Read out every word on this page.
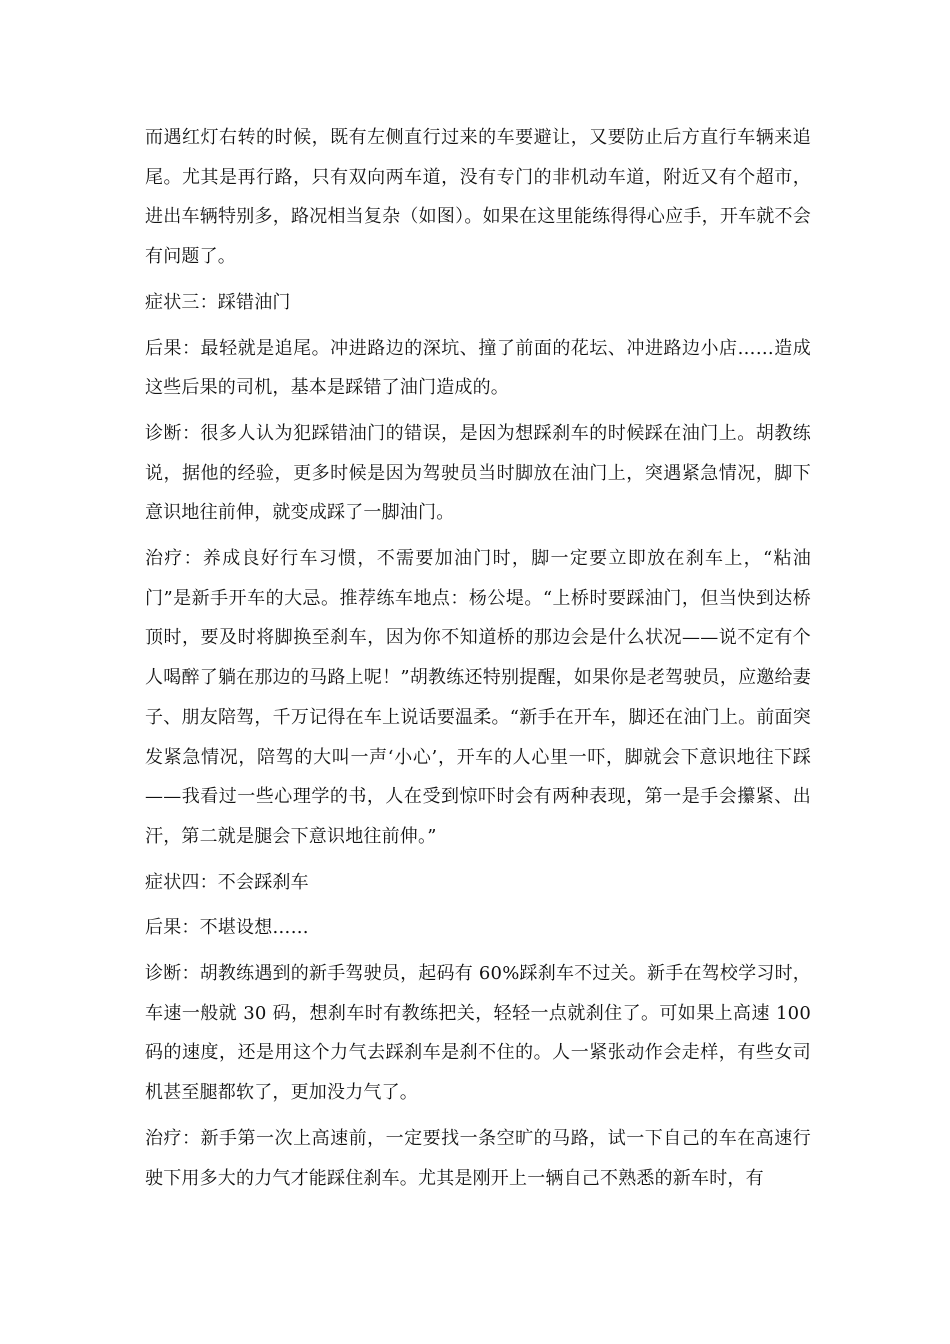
而遇红灯右转的时候，既有左侧直行过来的车要避让，又要防止后方直行车辆来追尾。尤其是再行路，只有双向两车道，没有专门的非机动车道，附近又有个超市，进出车辆特别多，路况相当复杂（如图）。如果在这里能练得得心应手，开车就不会有问题了。

症状三：踩错油门

后果：最轻就是追尾。冲进路边的深坑、撞了前面的花坛、冲进路边小店……造成这些后果的司机，基本是踩错了油门造成的。

诊断：很多人认为犯踩错油门的错误，是因为想踩刹车的时候踩在油门上。胡教练说，据他的经验，更多时候是因为驾驶员当时脚放在油门上，突遇紧急情况，脚下意识地往前伸，就变成踩了一脚油门。

治疗：养成良好行车习惯，不需要加油门时，脚一定要立即放在刹车上，“粘油门”是新手开车的大忌。推荐练车地点：杨公堤。“上桥时要踩油门，但当快到达桥顶时，要及时将脚换至刹车，因为你不知道桥的那边会是什么状况——说不定有个人喝醉了躺在那边的马路上呢！”胡教练还特别提醒，如果你是老驾驶员，应邀给妻子、朋友陪驾，千万记得在车上说话要温柔。“新手在开车，脚还在油门上。前面突发紧急情况，陪驾的大叫一声‘小心’，开车的人心里一吓，脚就会下意识地往下踩——我看过一些心理学的书，人在受到惊吓时会有两种表现，第一是手会攥紧、出汗，第二就是腿会下意识地往前伸。”

症状四：不会踩刹车

后果：不堪设想……

诊断：胡教练遇到的新手驾驶员，起码有 60%踩刹车不过关。新手在驾校学习时，车速一般就 30 码，想刹车时有教练把关，轻轻一点就刹住了。可如果上高速 100 码的速度，还是用这个力气去踩刹车是刹不住的。人一紧张动作会走样，有些女司机甚至腿都软了，更加没力气了。

治疗：新手第一次上高速前，一定要找一条空旷的马路，试一下自己的车在高速行驶下用多大的力气才能踩住刹车。尤其是刚开上一辆自己不熟悉的新车时，有
